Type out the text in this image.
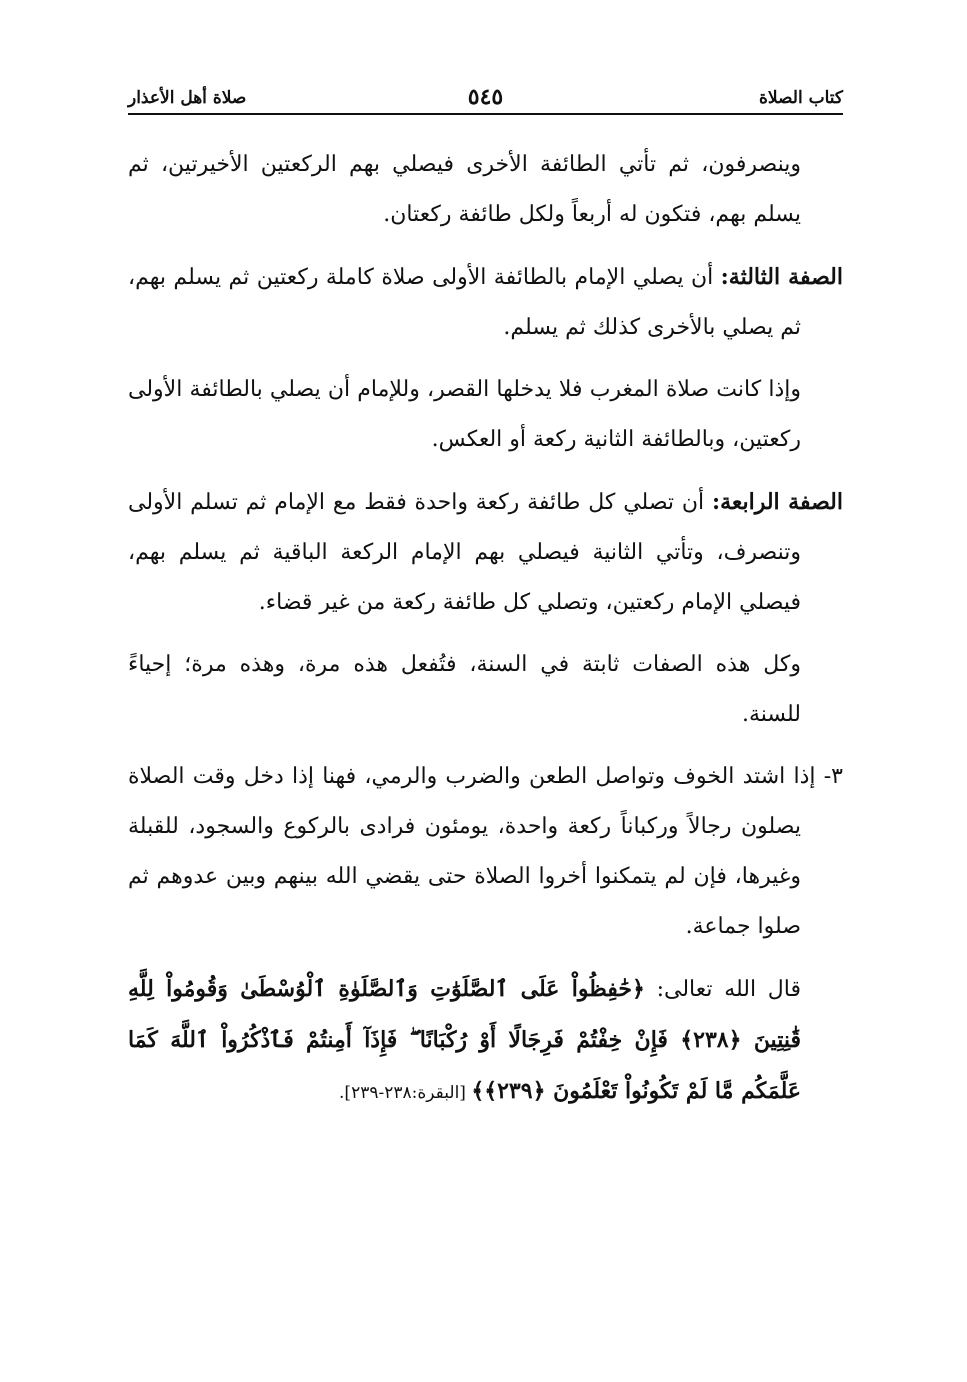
كتاب الصلاة
٥٤٥
صلاة أهل الأعذار

وينصرفون، ثم تأتي الطائفة الأخرى فيصلي بهم الركعتين الأخيرتين، ثم يسلم بهم، فتكون له أربعاً ولكل طائفة ركعتان.

الصفة الثالثة: أن يصلي الإمام بالطائفة الأولى صلاة كاملة ركعتين ثم يسلم بهم، ثم يصلي بالأخرى كذلك ثم يسلم.

وإذا كانت صلاة المغرب فلا يدخلها القصر، وللإمام أن يصلي بالطائفة الأولى ركعتين، وبالطائفة الثانية ركعة أو العكس.

الصفة الرابعة: أن تصلي كل طائفة ركعة واحدة فقط مع الإمام ثم تسلم الأولى وتنصرف، وتأتي الثانية فيصلي بهم الإمام الركعة الباقية ثم يسلم بهم، فيصلي الإمام ركعتين، وتصلي كل طائفة ركعة من غير قضاء.

وكل هذه الصفات ثابتة في السنة، فتُفعل هذه مرة، وهذه مرة؛ إحياءً للسنة.

٣- إذا اشتد الخوف وتواصل الطعن والضرب والرمي، فهنا إذا دخل وقت الصلاة يصلون رجالاً وركباناً ركعة واحدة، يومئون فرادى بالركوع والسجود، للقبلة وغيرها، فإن لم يتمكنوا أخروا الصلاة حتى يقضي الله بينهم وبين عدوهم ثم صلوا جماعة.

قال الله تعالى: ﴿حَٰفِظُواْ عَلَى ٱلصَّلَوَٰتِ وَٱلصَّلَوٰةِ ٱلْوُسْطَىٰ وَقُومُواْ لِلَّهِ قَٰنِتِينَ ﴿٢٣٨﴾ فَإِنْ خِفْتُمْ فَرِجَالًا أَوْ رُكْبَانًا ۖ فَإِذَآ أَمِنتُمْ فَٱذْكُرُواْ ٱللَّهَ كَمَا عَلَّمَكُم مَّا لَمْ تَكُونُواْ تَعْلَمُونَ ﴿٢٣٩﴾﴾ [البقرة:٢٣٨-٢٣٩].
